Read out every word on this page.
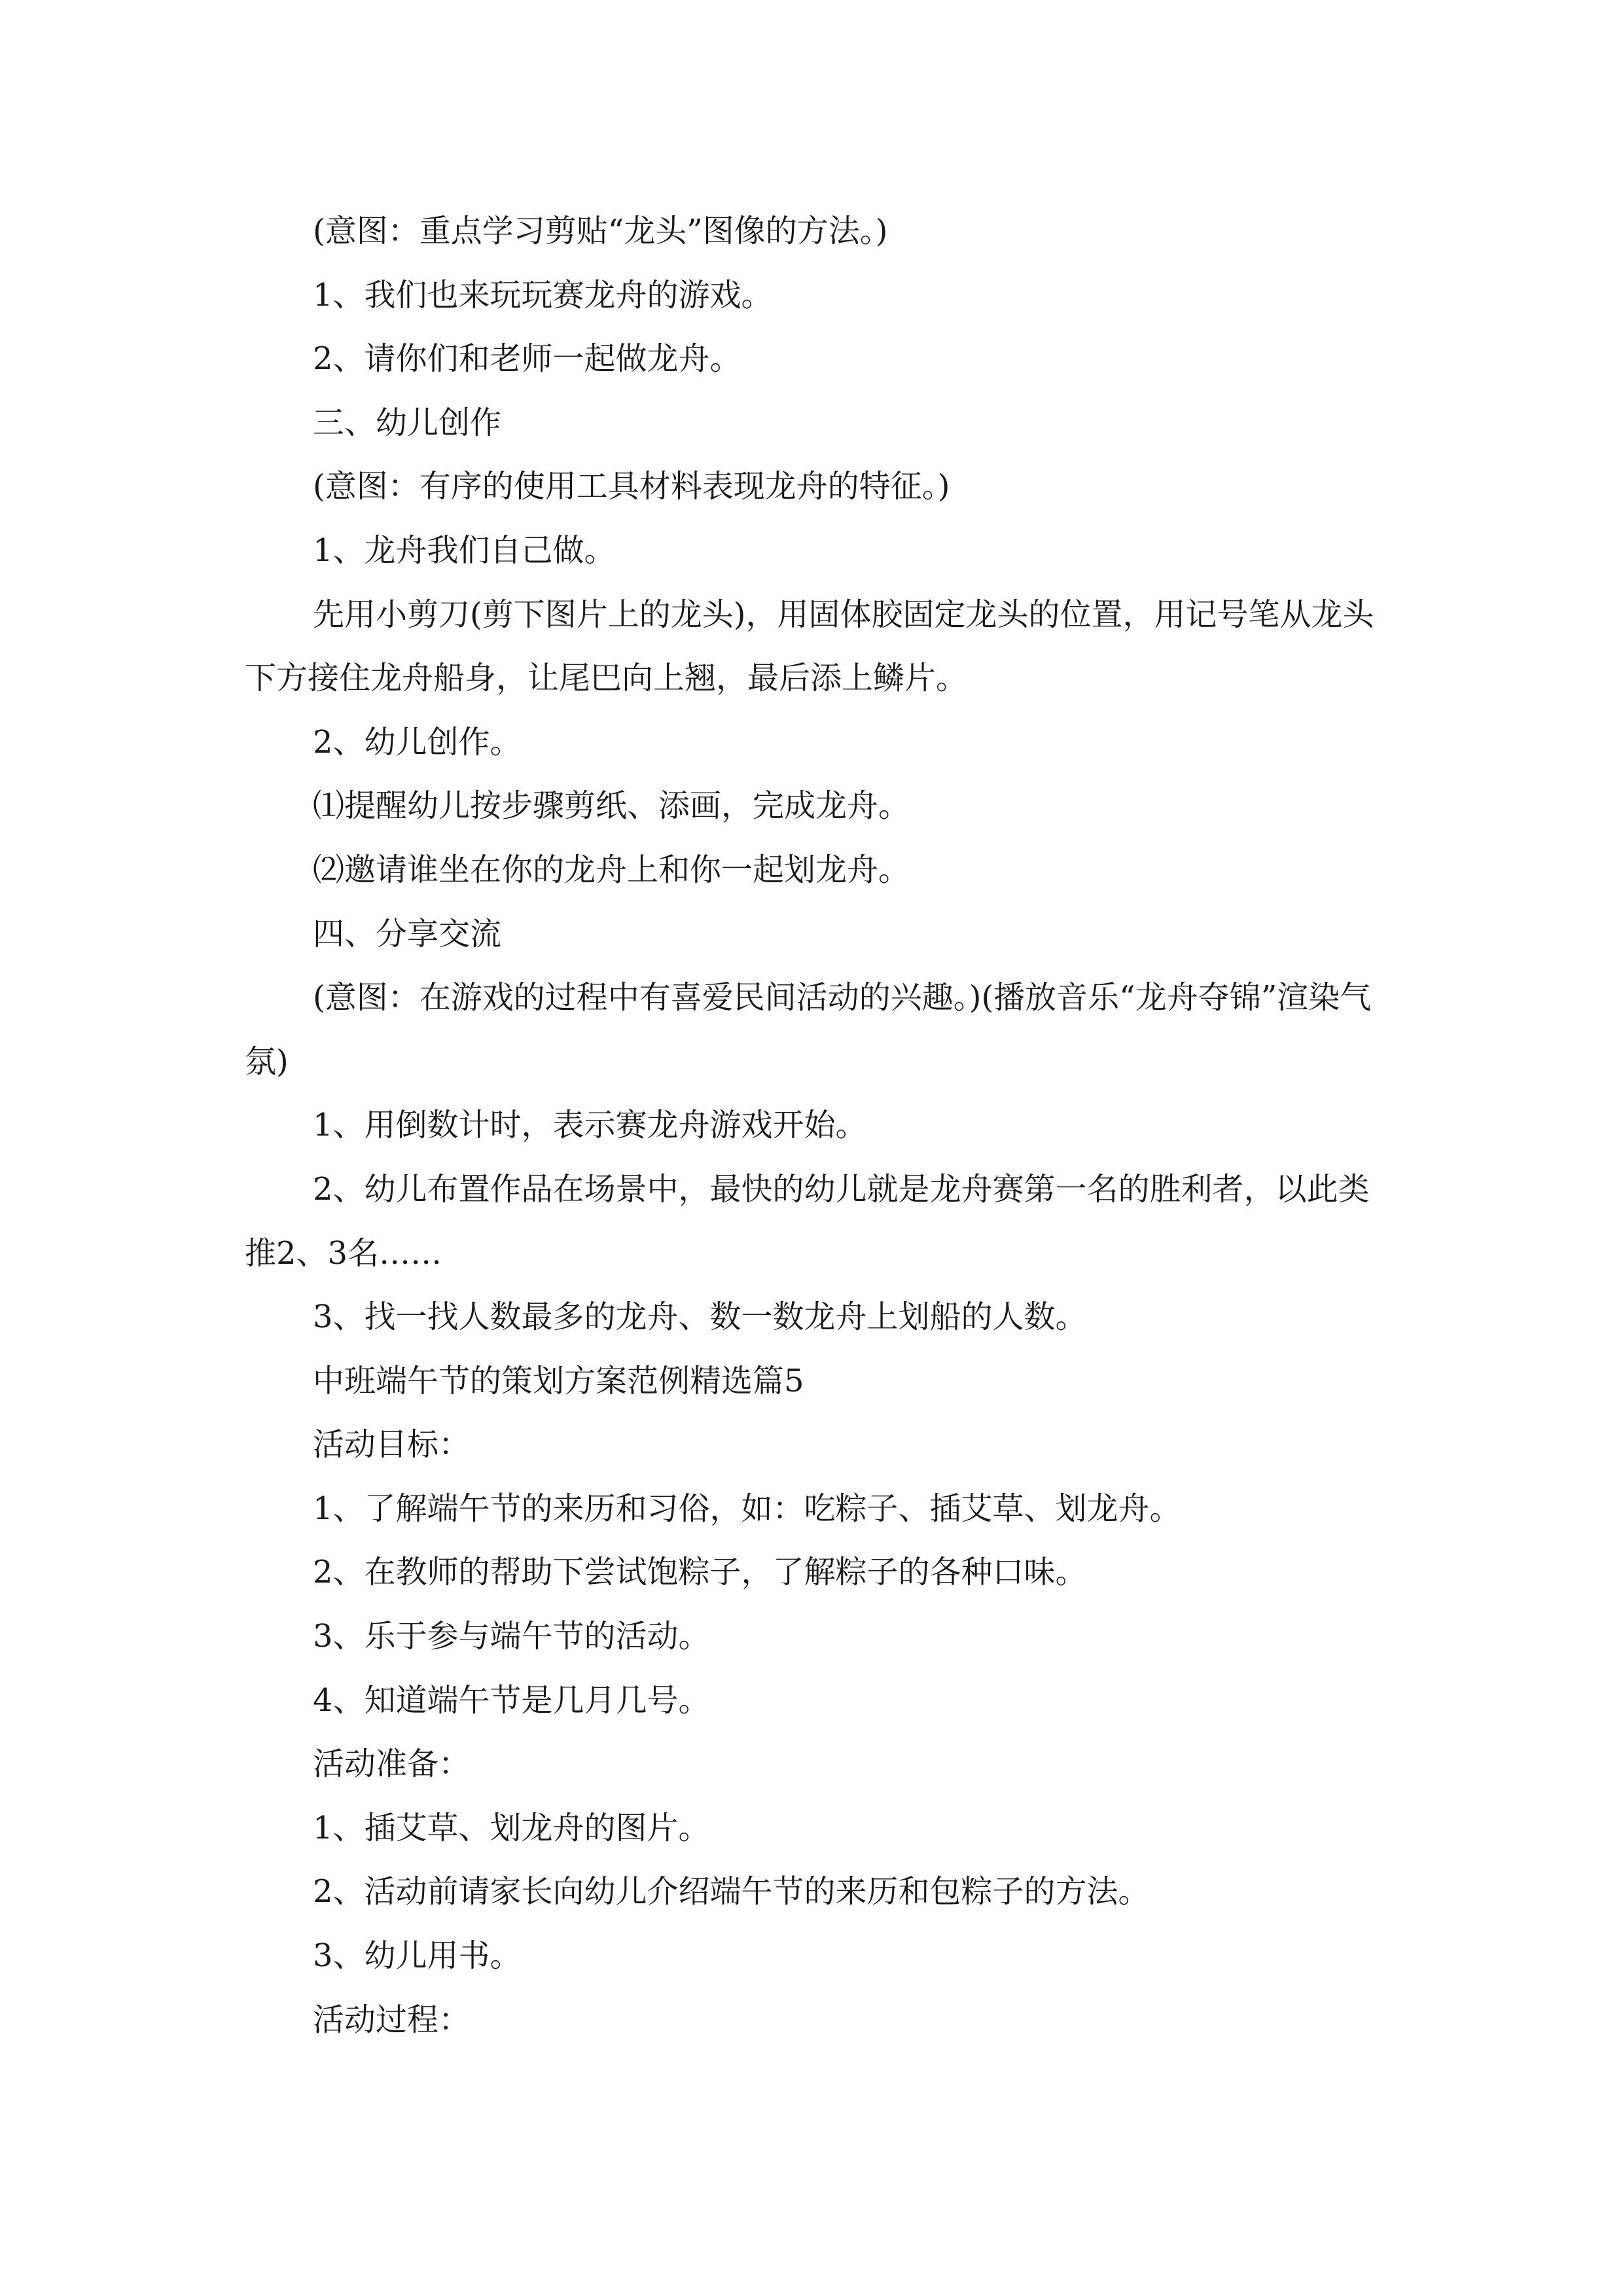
(意图：重点学习剪贴“龙头”图像的方法。)

1、我们也来玩玩赛龙舟的游戏。

2、请你们和老师一起做龙舟。

三、幼儿创作

(意图：有序的使用工具材料表现龙舟的特征。)

1、龙舟我们自己做。

先用小剪刀(剪下图片上的龙头)，用固体胶固定龙头的位置，用记号笔从龙头下方接住龙舟船身，让尾巴向上翘，最后添上鳞片。

2、幼儿创作。

⑴提醒幼儿按步骤剪纸、添画，完成龙舟。

⑵邀请谁坐在你的龙舟上和你一起划龙舟。

四、分享交流

(意图：在游戏的过程中有喜爱民间活动的兴趣。)(播放音乐“龙舟夺锦”渲染气氛)

1、用倒数计时，表示赛龙舟游戏开始。

2、幼儿布置作品在场景中，最快的幼儿就是龙舟赛第一名的胜利者，以此类推2、3名……

3、找一找人数最多的龙舟、数一数龙舟上划船的人数。

中班端午节的策划方案范例精选篇5

活动目标：

1、了解端午节的来历和习俗，如：吃粽子、插艾草、划龙舟。

2、在教师的帮助下尝试饱粽子，了解粽子的各种口味。

3、乐于参与端午节的活动。

4、知道端午节是几月几号。

活动准备：

1、插艾草、划龙舟的图片。

2、活动前请家长向幼儿介绍端午节的来历和包粽子的方法。

3、幼儿用书。

活动过程：
